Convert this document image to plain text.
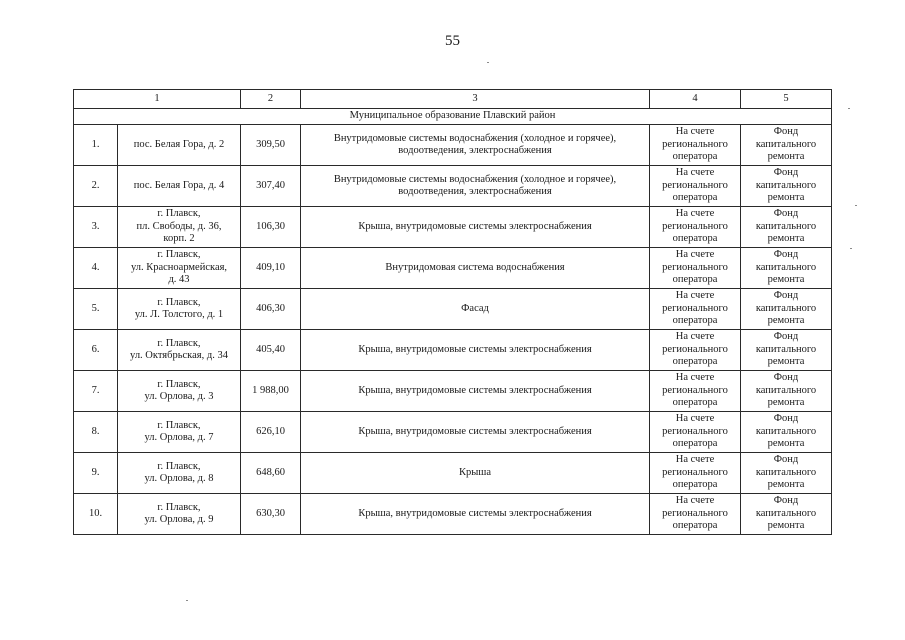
55
1		2	3	4	5
Муниципальное образование Плавский район					
1.	пос. Белая Гора, д. 2	309,50	Внутридомовые системы водоснабжения (холодное и горячее),
водоотведения, электроснабжения	На счете
регионального
оператора	Фонд
капитального
ремонта

2.	пос. Белая Гора, д. 4	307,40	Внутридомовые системы водоснабжения (холодное и горячее),
водоотведения, электроснабжения	На счете
регионального
оператора	Фонд
капитального
ремонта

3.	г. Плавск,
пл. Свободы, д. 36,
корп. 2	106,30	Крыша, внутридомовые системы электроснабжения	На счете
регионального
оператора	Фонд
капитального
ремонта

4.	г. Плавск,
ул. Красноармейская,
д. 43	409,10	Внутридомовая система водоснабжения	На счете
регионального
оператора	Фонд
капитального
ремонта

5.	г. Плавск,
ул. Л. Толстого, д. 1	406,30	Фасад	На счете
регионального
оператора	Фонд
капитального
ремонта

6.	г. Плавск,
ул. Октябрьская, д. 34	405,40	Крыша, внутридомовые системы электроснабжения	На счете
регионального
оператора	Фонд
капитального
ремонта

7.	г. Плавск,
ул. Орлова, д. 3	1 988,00	Крыша, внутридомовые системы электроснабжения	На счете
регионального
оператора	Фонд
капитального
ремонта

8.	г. Плавск,
ул. Орлова, д. 7	626,10	Крыша, внутридомовые системы электроснабжения	На счете
регионального
оператора	Фонд
капитального
ремонта

9.	г. Плавск,
ул. Орлова, д. 8	648,60	Крыша	На счете
регионального
оператора	Фонд
капитального
ремонта

10.	г. Плавск,
ул. Орлова, д. 9	630,30	Крыша, внутридомовые системы электроснабжения	На счете
регионального
оператора	Фонд
капитального
ремонта
